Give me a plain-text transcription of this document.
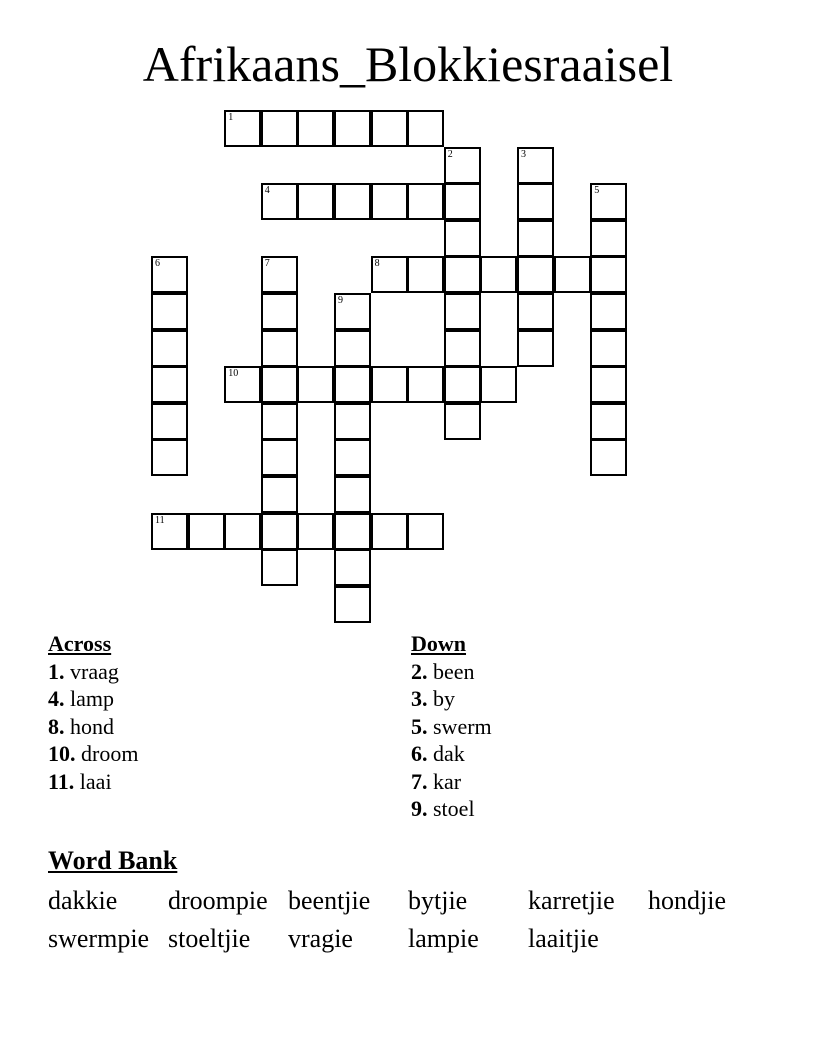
Afrikaans_Blokkiesraaisel
1
2	3
4	5
6	7	8
9
10
11
Across
1. vraag
4. lamp
8. hond
10. droom
11. laai
Down
2. been
3. by
5. swerm
6. dak
7. kar
9. stoel
Word Bank
dakkie	droompie beentjie	bytjie	karretjie	hondjie
swermpie stoeltjie	vragie	lampie	laaitjie
